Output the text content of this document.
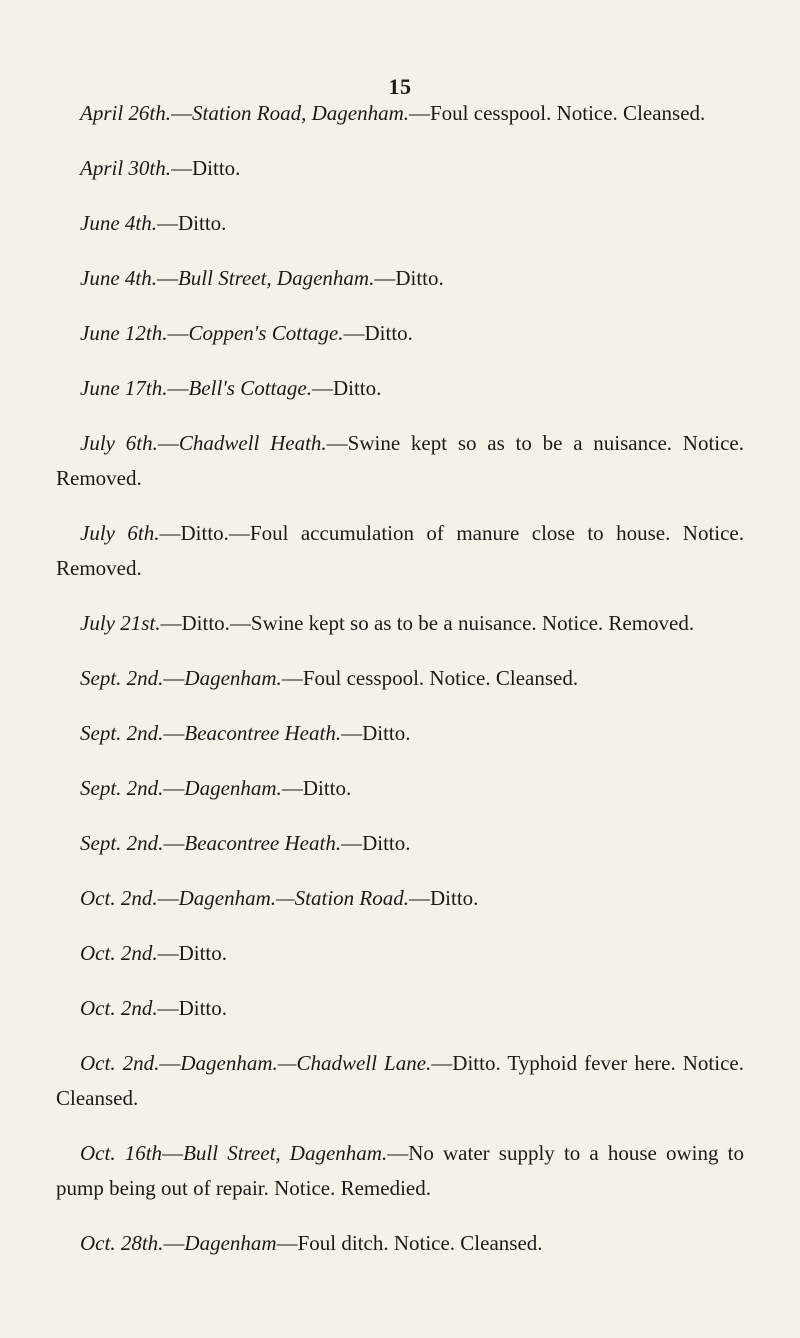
15

April 26th.—Station Road, Dagenham.—Foul cesspool. Notice. Cleansed.

April 30th.—Ditto.

June 4th.—Ditto.

June 4th.—Bull Street, Dagenham.—Ditto.

June 12th.—Coppen's Cottage.—Ditto.

June 17th.—Bell's Cottage.—Ditto.

July 6th.—Chadwell Heath.—Swine kept so as to be a nuisance. Notice. Removed.

July 6th.—Ditto.—Foul accumulation of manure close to house. Notice. Removed.

July 21st.—Ditto.—Swine kept so as to be a nuisance. Notice. Removed.

Sept. 2nd.—Dagenham.—Foul cesspool. Notice. Cleansed.

Sept. 2nd.—Beacontree Heath.—Ditto.

Sept. 2nd.—Dagenham.—Ditto.

Sept. 2nd.—Beacontree Heath.—Ditto.

Oct. 2nd.—Dagenham.—Station Road.—Ditto.

Oct. 2nd.—Ditto.

Oct. 2nd.—Ditto.

Oct. 2nd.—Dagenham.—Chadwell Lane.—Ditto. Typhoid fever here. Notice. Cleansed.

Oct. 16th—Bull Street, Dagenham.—No water supply to a house owing to pump being out of repair. Notice. Remedied.

Oct. 28th.—Dagenham—Foul ditch. Notice. Cleansed.
